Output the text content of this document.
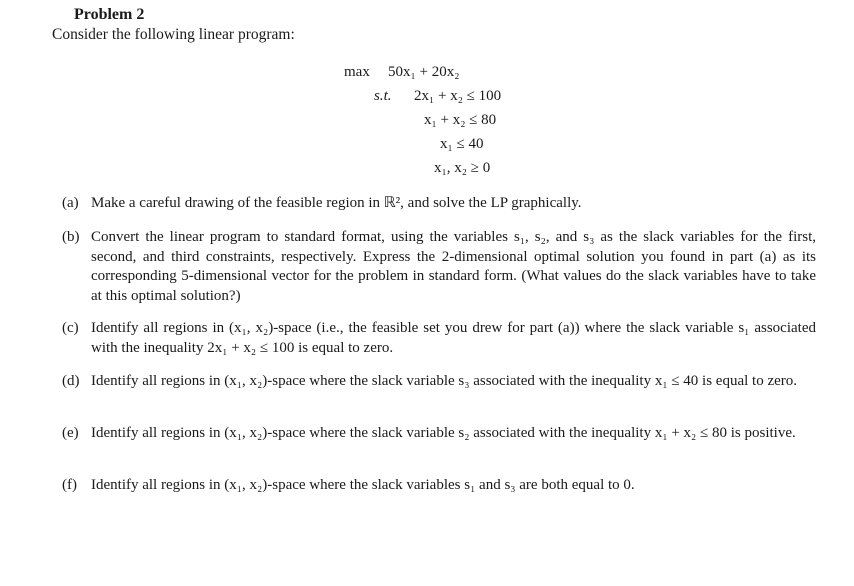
Problem 2
Consider the following linear program:
max 50x₁ + 20x₂
s.t. 2x₁ + x₂ ≤ 100
x₁ + x₂ ≤ 80
x₁ ≤ 40
x₁, x₂ ≥ 0
(a) Make a careful drawing of the feasible region in ℝ², and solve the LP graphically.
(b) Convert the linear program to standard format, using the variables s₁, s₂, and s₃ as the slack variables for the first, second, and third constraints, respectively. Express the 2-dimensional optimal solution you found in part (a) as its corresponding 5-dimensional vector for the problem in standard form. (What values do the slack variables have to take at this optimal solution?)
(c) Identify all regions in (x₁, x₂)-space (i.e., the feasible set you drew for part (a)) where the slack variable s₁ associated with the inequality 2x₁ + x₂ ≤ 100 is equal to zero.
(d) Identify all regions in (x₁, x₂)-space where the slack variable s₃ associated with the inequality x₁ ≤ 40 is equal to zero.
(e) Identify all regions in (x₁, x₂)-space where the slack variable s₂ associated with the inequality x₁ + x₂ ≤ 80 is positive.
(f) Identify all regions in (x₁, x₂)-space where the slack variables s₁ and s₃ are both equal to 0.
